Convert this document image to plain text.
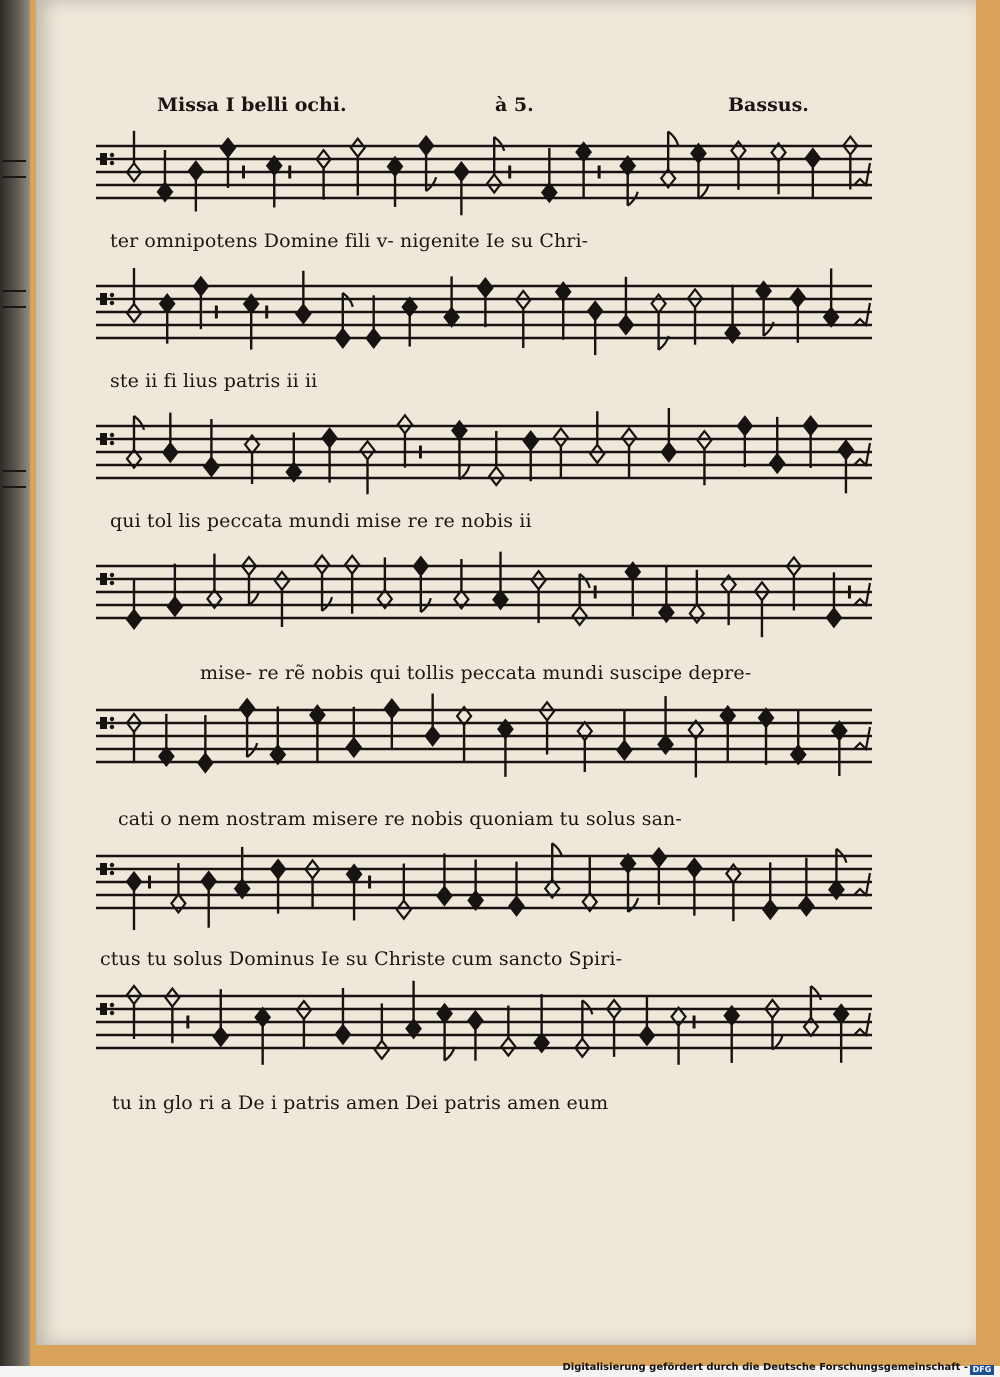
Missa I belli ochi.	à 5.	Bassus.
ter omnipotens Domine fili v- nigenite Ie su Chri-
ste ii fi lius patris ii ii
qui tol lis peccata mundi mise re re nobis ii
mise- re rẽ nobis qui tollis peccata mundi suscipe depre-
cati o nem nostram misere re nobis quoniam tu solus san-
ctus tu solus Dominus Ie su Christe cum sancto Spiri-
tu in glo ri a De i patris amen Dei patris amen eum
Digitalisierung gefördert durch die Deutsche Forschungsgemeinschaft - DFG
